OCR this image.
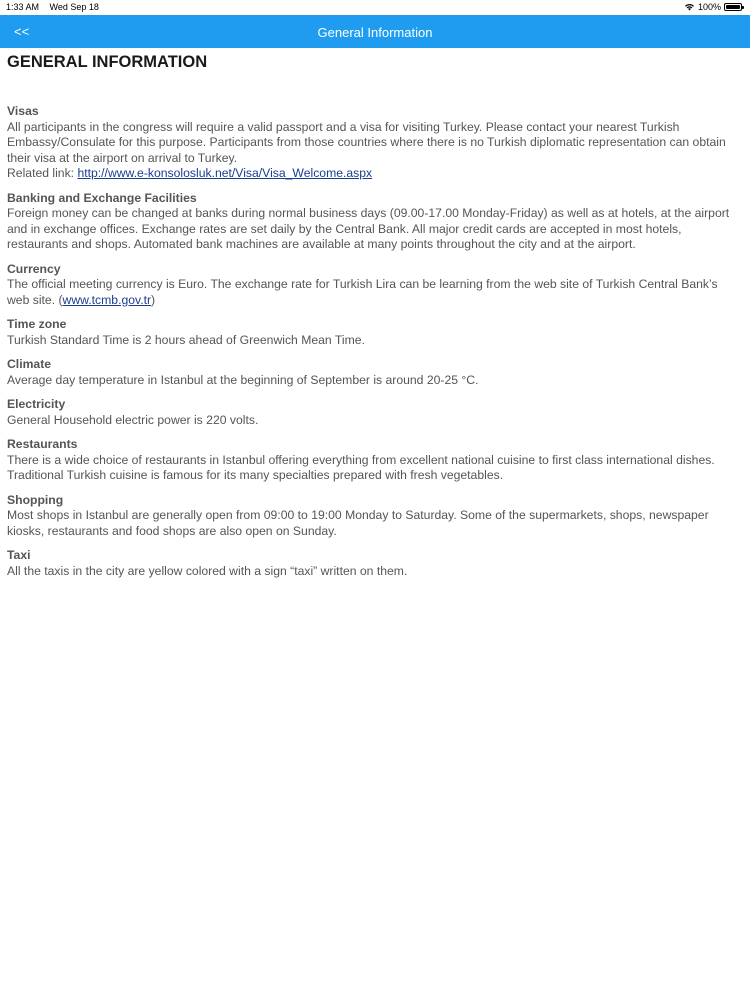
1:33 AM Wed Sep 18	100%
<<	General Information
GENERAL INFORMATION

Visas

All participants in the congress will require a valid passport and a visa for visiting Turkey. Please contact your nearest Turkish Embassy/Consulate for this purpose. Participants from those countries where there is no Turkish diplomatic representation can obtain their visa at the airport on arrival to Turkey.
Related link: http://www.e-konsolosluk.net/Visa/Visa_Welcome.aspx

Banking and Exchange Facilities

Foreign money can be changed at banks during normal business days (09.00-17.00 Monday-Friday) as well as at hotels, at the airport and in exchange offices. Exchange rates are set daily by the Central Bank. All major credit cards are accepted in most hotels, restaurants and shops. Automated bank machines are available at many points throughout the city and at the airport.

Currency

The official meeting currency is Euro. The exchange rate for Turkish Lira can be learning from the web site of Turkish Central Bank’s web site. (www.tcmb.gov.tr)

Time zone

Turkish Standard Time is 2 hours ahead of Greenwich Mean Time.

Climate

Average day temperature in Istanbul at the beginning of September is around 20-25 °C.

Electricity

General Household electric power is 220 volts.

Restaurants

There is a wide choice of restaurants in Istanbul offering everything from excellent national cuisine to first class international dishes. Traditional Turkish cuisine is famous for its many specialties prepared with fresh vegetables.

Shopping

Most shops in Istanbul are generally open from 09:00 to 19:00 Monday to Saturday. Some of the supermarkets, shops, newspaper kiosks, restaurants and food shops are also open on Sunday.

Taxi

All the taxis in the city are yellow colored with a sign “taxi” written on them.
